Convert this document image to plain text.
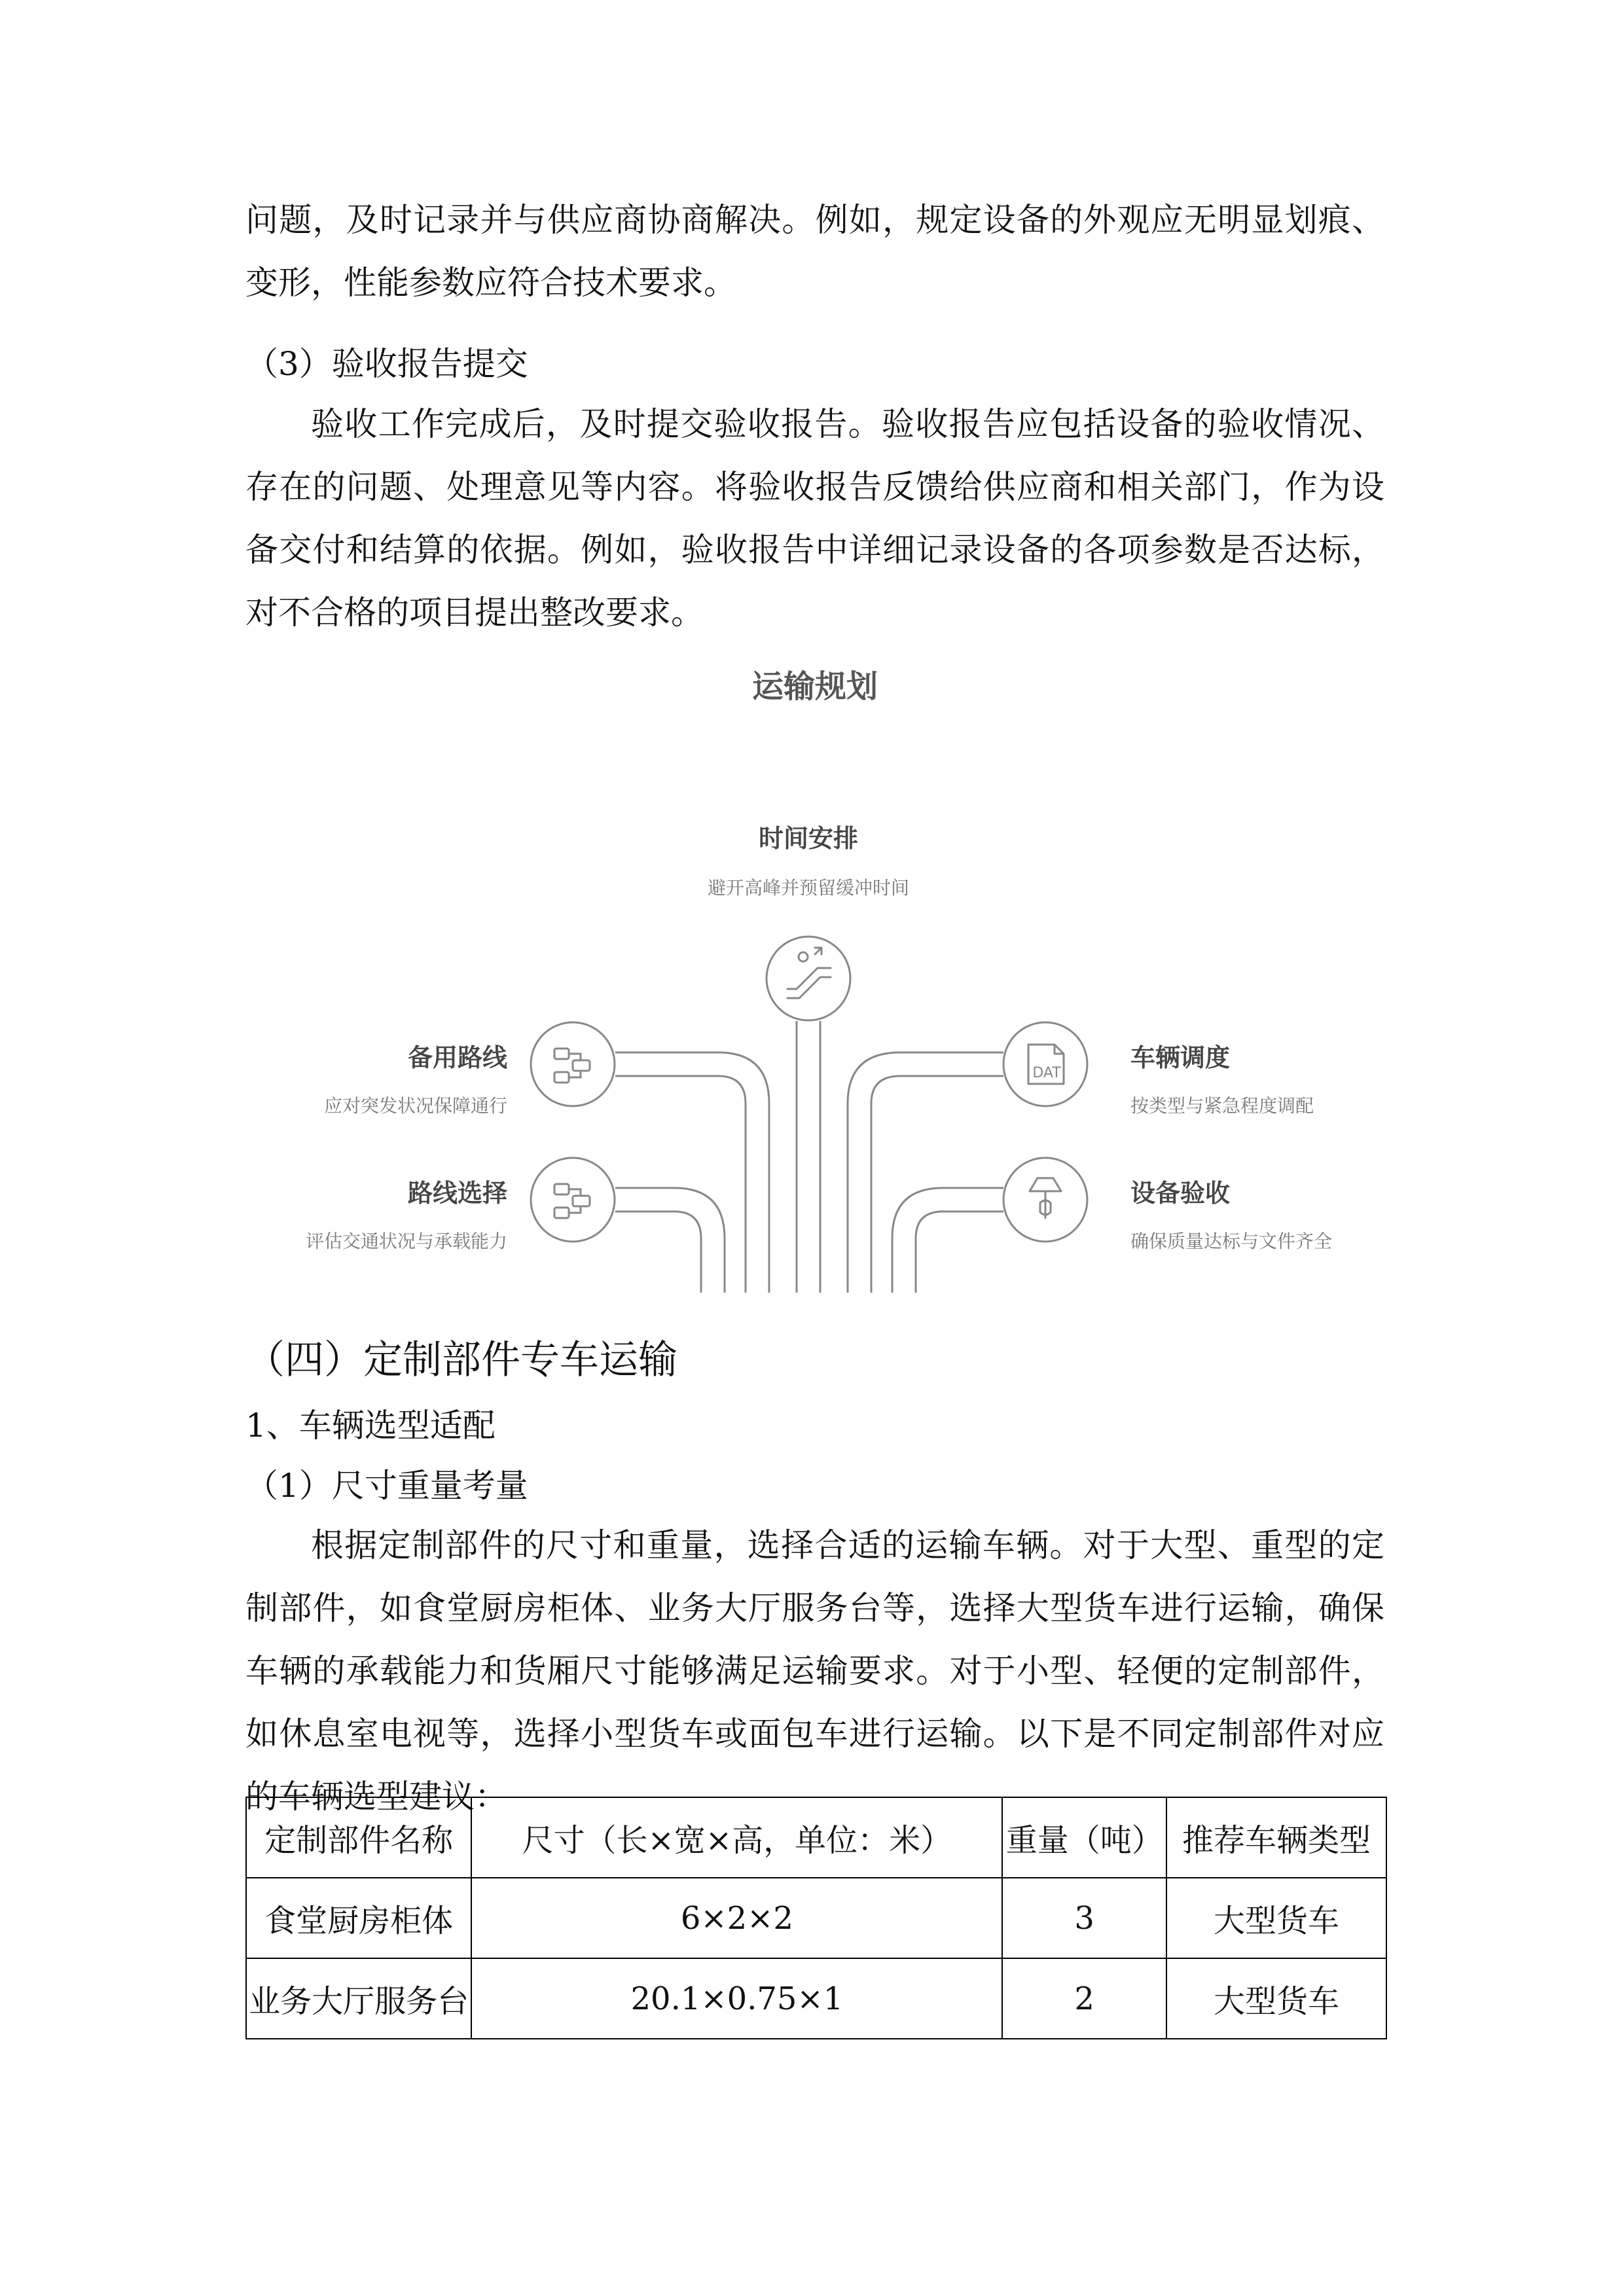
问题，及时记录并与供应商协商解决。例如，规定设备的外观应无明显划痕、变形，性能参数应符合技术要求。

（3）验收报告提交

验收工作完成后，及时提交验收报告。验收报告应包括设备的验收情况、存在的问题、处理意见等内容。将验收报告反馈给供应商和相关部门，作为设备交付和结算的依据。例如，验收报告中详细记录设备的各项参数是否达标，对不合格的项目提出整改要求。

运输规划
DAT
时间安排
避开高峰并预留缓冲时间
备用路线
应对突发状况保障通行
路线选择
评估交通状况与承载能力
车辆调度
按类型与紧急程度调配
设备验收
确保质量达标与文件齐全

（四）定制部件专车运输

1、车辆选型适配

（1）尺寸重量考量

根据定制部件的尺寸和重量，选择合适的运输车辆。对于大型、重型的定制部件，如食堂厨房柜体、业务大厅服务台等，选择大型货车进行运输，确保车辆的承载能力和货厢尺寸能够满足运输要求。对于小型、轻便的定制部件，如休息室电视等，选择小型货车或面包车进行运输。以下是不同定制部件对应的车辆选型建议：

定制部件名称	尺寸（长×宽×高，单位：米）	重量（吨）	推荐车辆类型
食堂厨房柜体	6×2×2	3	大型货车
业务大厅服务台	20.1×0.75×1	2	大型货车
